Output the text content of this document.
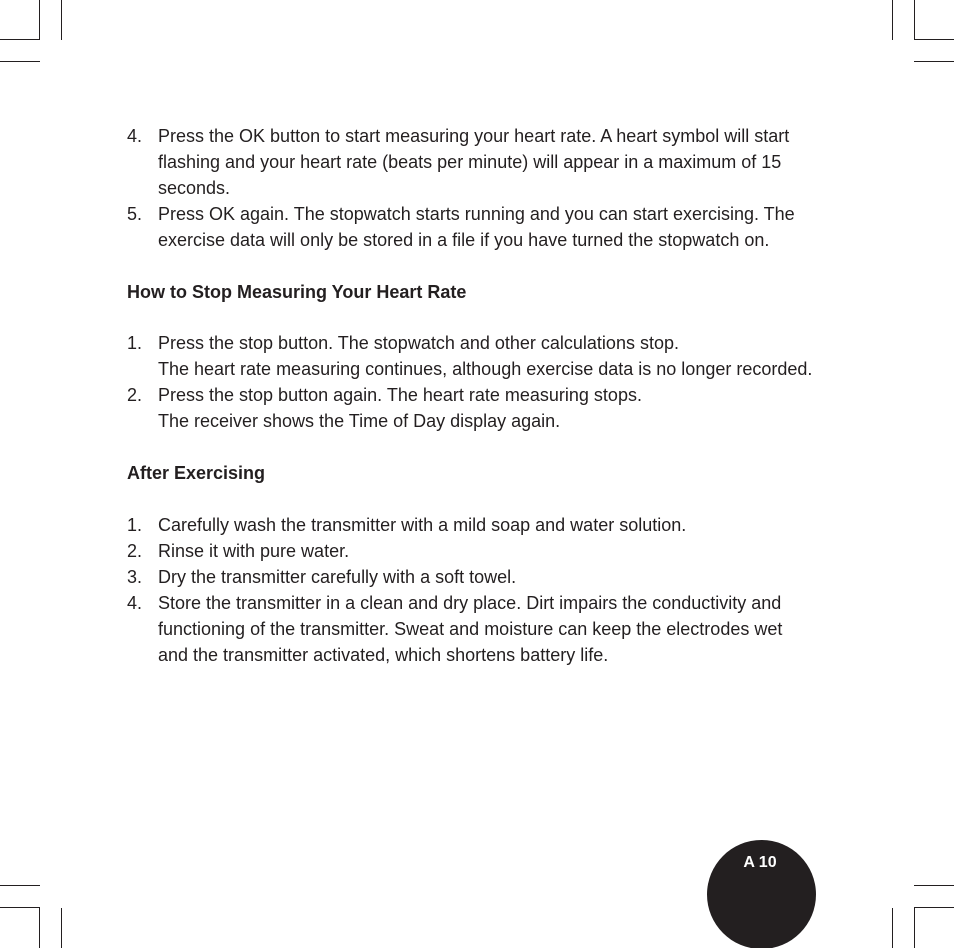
4. Press the OK button to start measuring your heart rate. A heart symbol will start flashing and your heart rate (beats per minute) will appear in a maximum of 15 seconds.
5. Press OK again. The stopwatch starts running and you can start exercising. The exercise data will only be stored in a file if you have turned the stopwatch on.

How to Stop Measuring Your Heart Rate

1. Press the stop button. The stopwatch and other calculations stop.
The heart rate measuring continues, although exercise data is no longer recorded.
2. Press the stop button again. The heart rate measuring stops.
The receiver shows the Time of Day display again.

After Exercising

1. Carefully wash the transmitter with a mild soap and water solution.
2. Rinse it with pure water.
3. Dry the transmitter carefully with a soft towel.
4. Store the transmitter in a clean and dry place. Dirt impairs the conductivity and functioning of the transmitter. Sweat and moisture can keep the electrodes wet and the transmitter activated, which shortens battery life.
A 10
